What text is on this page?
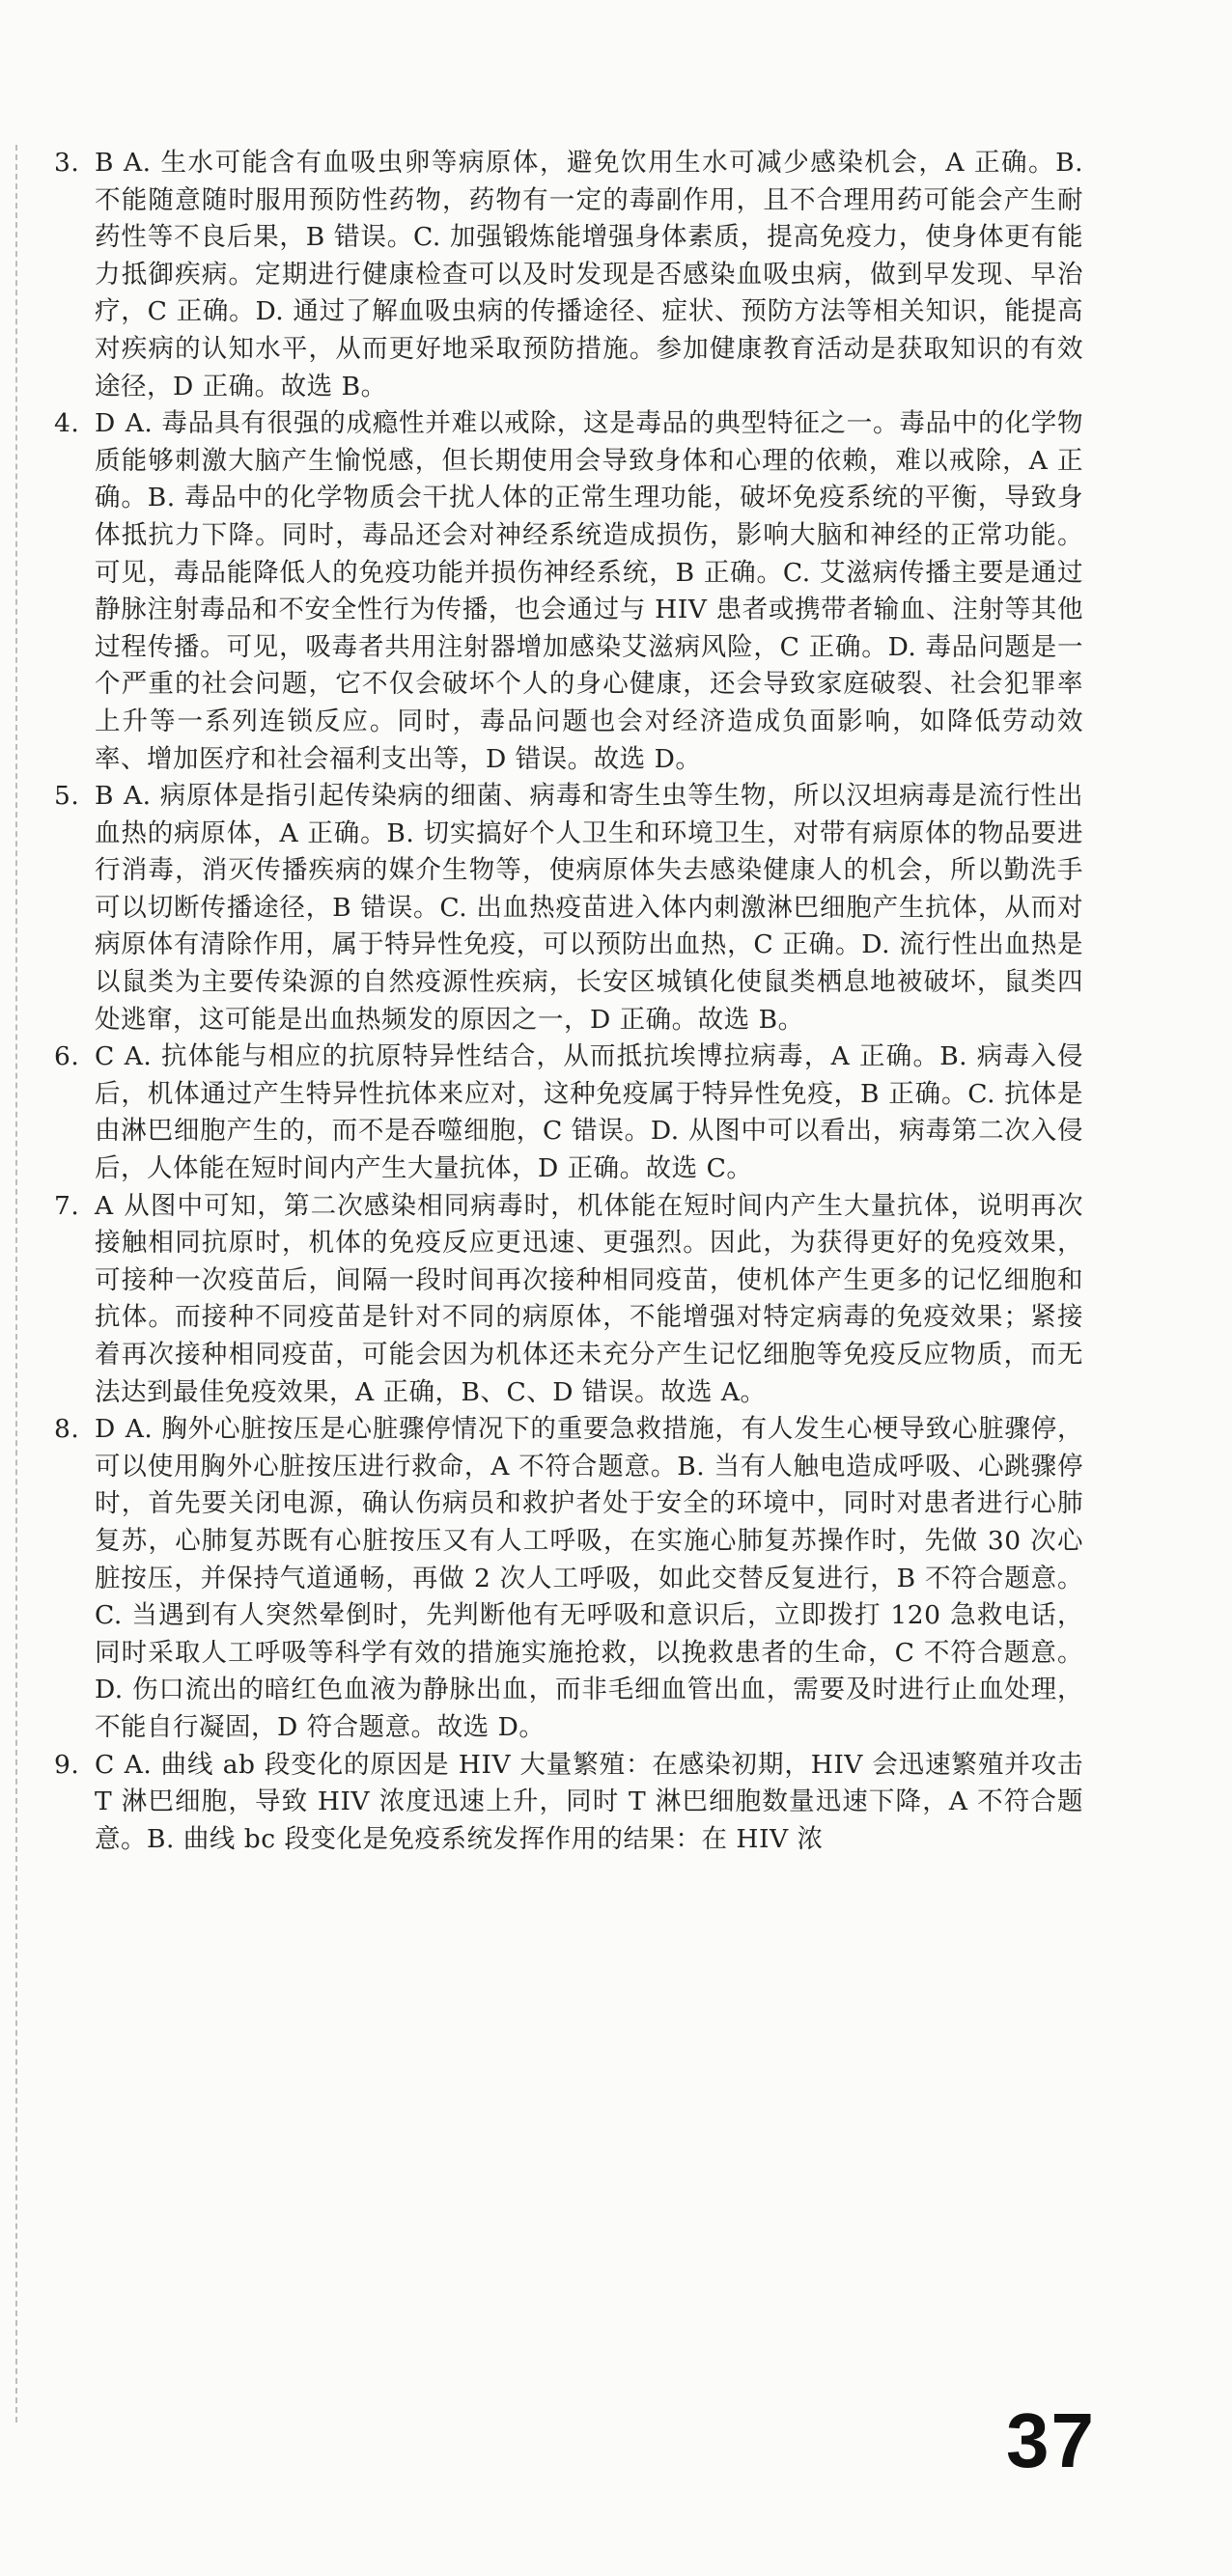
3. B A. 生水可能含有血吸虫卵等病原体，避免饮用生水可减少感染机会，A 正确。B. 不能随意随时服用预防性药物，药物有一定的毒副作用，且不合理用药可能会产生耐药性等不良后果，B 错误。C. 加强锻炼能增强身体素质，提高免疫力，使身体更有能力抵御疾病。定期进行健康检查可以及时发现是否感染血吸虫病，做到早发现、早治疗，C 正确。D. 通过了解血吸虫病的传播途径、症状、预防方法等相关知识，能提高对疾病的认知水平，从而更好地采取预防措施。参加健康教育活动是获取知识的有效途径，D 正确。故选 B。

4. D A. 毒品具有很强的成瘾性并难以戒除，这是毒品的典型特征之一。毒品中的化学物质能够刺激大脑产生愉悦感，但长期使用会导致身体和心理的依赖，难以戒除，A 正确。B. 毒品中的化学物质会干扰人体的正常生理功能，破坏免疫系统的平衡，导致身体抵抗力下降。同时，毒品还会对神经系统造成损伤，影响大脑和神经的正常功能。可见，毒品能降低人的免疫功能并损伤神经系统，B 正确。C. 艾滋病传播主要是通过静脉注射毒品和不安全性行为传播，也会通过与 HIV 患者或携带者输血、注射等其他过程传播。可见，吸毒者共用注射器增加感染艾滋病风险，C 正确。D. 毒品问题是一个严重的社会问题，它不仅会破坏个人的身心健康，还会导致家庭破裂、社会犯罪率上升等一系列连锁反应。同时，毒品问题也会对经济造成负面影响，如降低劳动效率、增加医疗和社会福利支出等，D 错误。故选 D。

5. B A. 病原体是指引起传染病的细菌、病毒和寄生虫等生物，所以汉坦病毒是流行性出血热的病原体，A 正确。B. 切实搞好个人卫生和环境卫生，对带有病原体的物品要进行消毒，消灭传播疾病的媒介生物等，使病原体失去感染健康人的机会，所以勤洗手可以切断传播途径，B 错误。C. 出血热疫苗进入体内刺激淋巴细胞产生抗体，从而对病原体有清除作用，属于特异性免疫，可以预防出血热，C 正确。D. 流行性出血热是以鼠类为主要传染源的自然疫源性疾病，长安区城镇化使鼠类栖息地被破坏，鼠类四处逃窜，这可能是出血热频发的原因之一，D 正确。故选 B。

6. C A. 抗体能与相应的抗原特异性结合，从而抵抗埃博拉病毒，A 正确。B. 病毒入侵后，机体通过产生特异性抗体来应对，这种免疫属于特异性免疫，B 正确。C. 抗体是由淋巴细胞产生的，而不是吞噬细胞，C 错误。D. 从图中可以看出，病毒第二次入侵后，人体能在短时间内产生大量抗体，D 正确。故选 C。

7. A 从图中可知，第二次感染相同病毒时，机体能在短时间内产生大量抗体，说明再次接触相同抗原时，机体的免疫反应更迅速、更强烈。因此，为获得更好的免疫效果，可接种一次疫苗后，间隔一段时间再次接种相同疫苗，使机体产生更多的记忆细胞和抗体。而接种不同疫苗是针对不同的病原体，不能增强对特定病毒的免疫效果；紧接着再次接种相同疫苗，可能会因为机体还未充分产生记忆细胞等免疫反应物质，而无法达到最佳免疫效果，A 正确，B、C、D 错误。故选 A。

8. D A. 胸外心脏按压是心脏骤停情况下的重要急救措施，有人发生心梗导致心脏骤停，可以使用胸外心脏按压进行救命，A 不符合题意。B. 当有人触电造成呼吸、心跳骤停时，首先要关闭电源，确认伤病员和救护者处于安全的环境中，同时对患者进行心肺复苏，心肺复苏既有心脏按压又有人工呼吸，在实施心肺复苏操作时，先做 30 次心脏按压，并保持气道通畅，再做 2 次人工呼吸，如此交替反复进行，B 不符合题意。C. 当遇到有人突然晕倒时，先判断他有无呼吸和意识后，立即拨打 120 急救电话，同时采取人工呼吸等科学有效的措施实施抢救，以挽救患者的生命，C 不符合题意。D. 伤口流出的暗红色血液为静脉出血，而非毛细血管出血，需要及时进行止血处理，不能自行凝固，D 符合题意。故选 D。

9. C A. 曲线 ab 段变化的原因是 HIV 大量繁殖：在感染初期，HIV 会迅速繁殖并攻击 T 淋巴细胞，导致 HIV 浓度迅速上升，同时 T 淋巴细胞数量迅速下降，A 不符合题意。B. 曲线 bc 段变化是免疫系统发挥作用的结果：在 HIV 浓

37
